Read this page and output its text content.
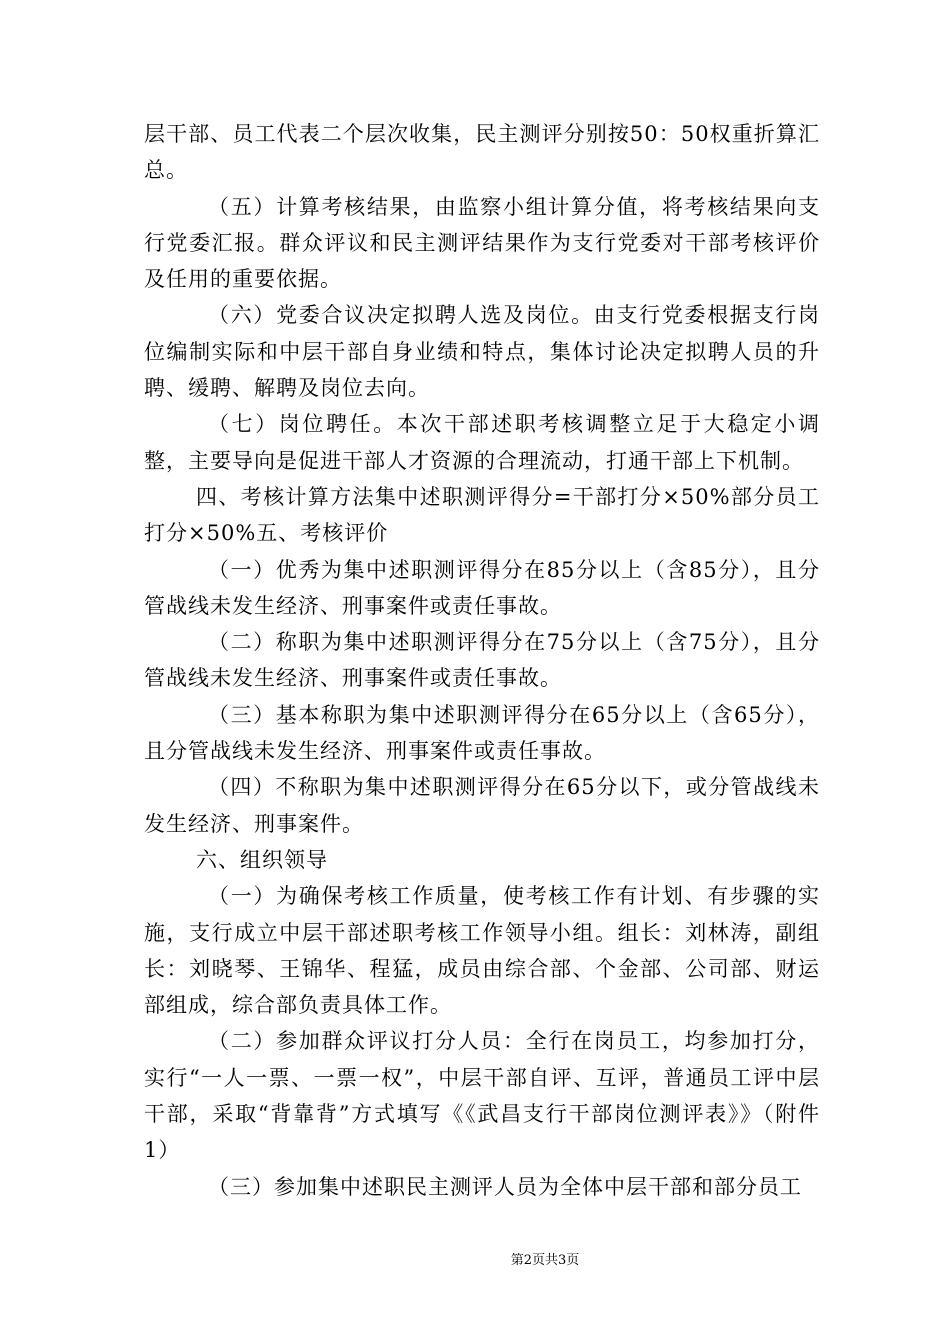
层干部、员工代表二个层次收集，民主测评分别按50：50权重折算汇总。

（五）计算考核结果，由监察小组计算分值，将考核结果向支行党委汇报。群众评议和民主测评结果作为支行党委对干部考核评价及任用的重要依据。

（六）党委合议决定拟聘人选及岗位。由支行党委根据支行岗位编制实际和中层干部自身业绩和特点，集体讨论决定拟聘人员的升聘、缓聘、解聘及岗位去向。

（七）岗位聘任。本次干部述职考核调整立足于大稳定小调整，主要导向是促进干部人才资源的合理流动，打通干部上下机制。

四、考核计算方法集中述职测评得分=干部打分×50%部分员工打分×50%五、考核评价

（一）优秀为集中述职测评得分在85分以上（含85分），且分管战线未发生经济、刑事案件或责任事故。

（二）称职为集中述职测评得分在75分以上（含75分），且分管战线未发生经济、刑事案件或责任事故。

（三）基本称职为集中述职测评得分在65分以上（含65分），且分管战线未发生经济、刑事案件或责任事故。

（四）不称职为集中述职测评得分在65分以下，或分管战线未发生经济、刑事案件。

六、组织领导

（一）为确保考核工作质量，使考核工作有计划、有步骤的实施，支行成立中层干部述职考核工作领导小组。组长：刘林涛，副组长：刘晓琴、王锦华、程猛，成员由综合部、个金部、公司部、财运部组成，综合部负责具体工作。

（二）参加群众评议打分人员：全行在岗员工，均参加打分，实行“一人一票、一票一权”，中层干部自评、互评，普通员工评中层干部，采取“背靠背”方式填写《《武昌支行干部岗位测评表》》（附件1）

（三）参加集中述职民主测评人员为全体中层干部和部分员工

第2页共3页
